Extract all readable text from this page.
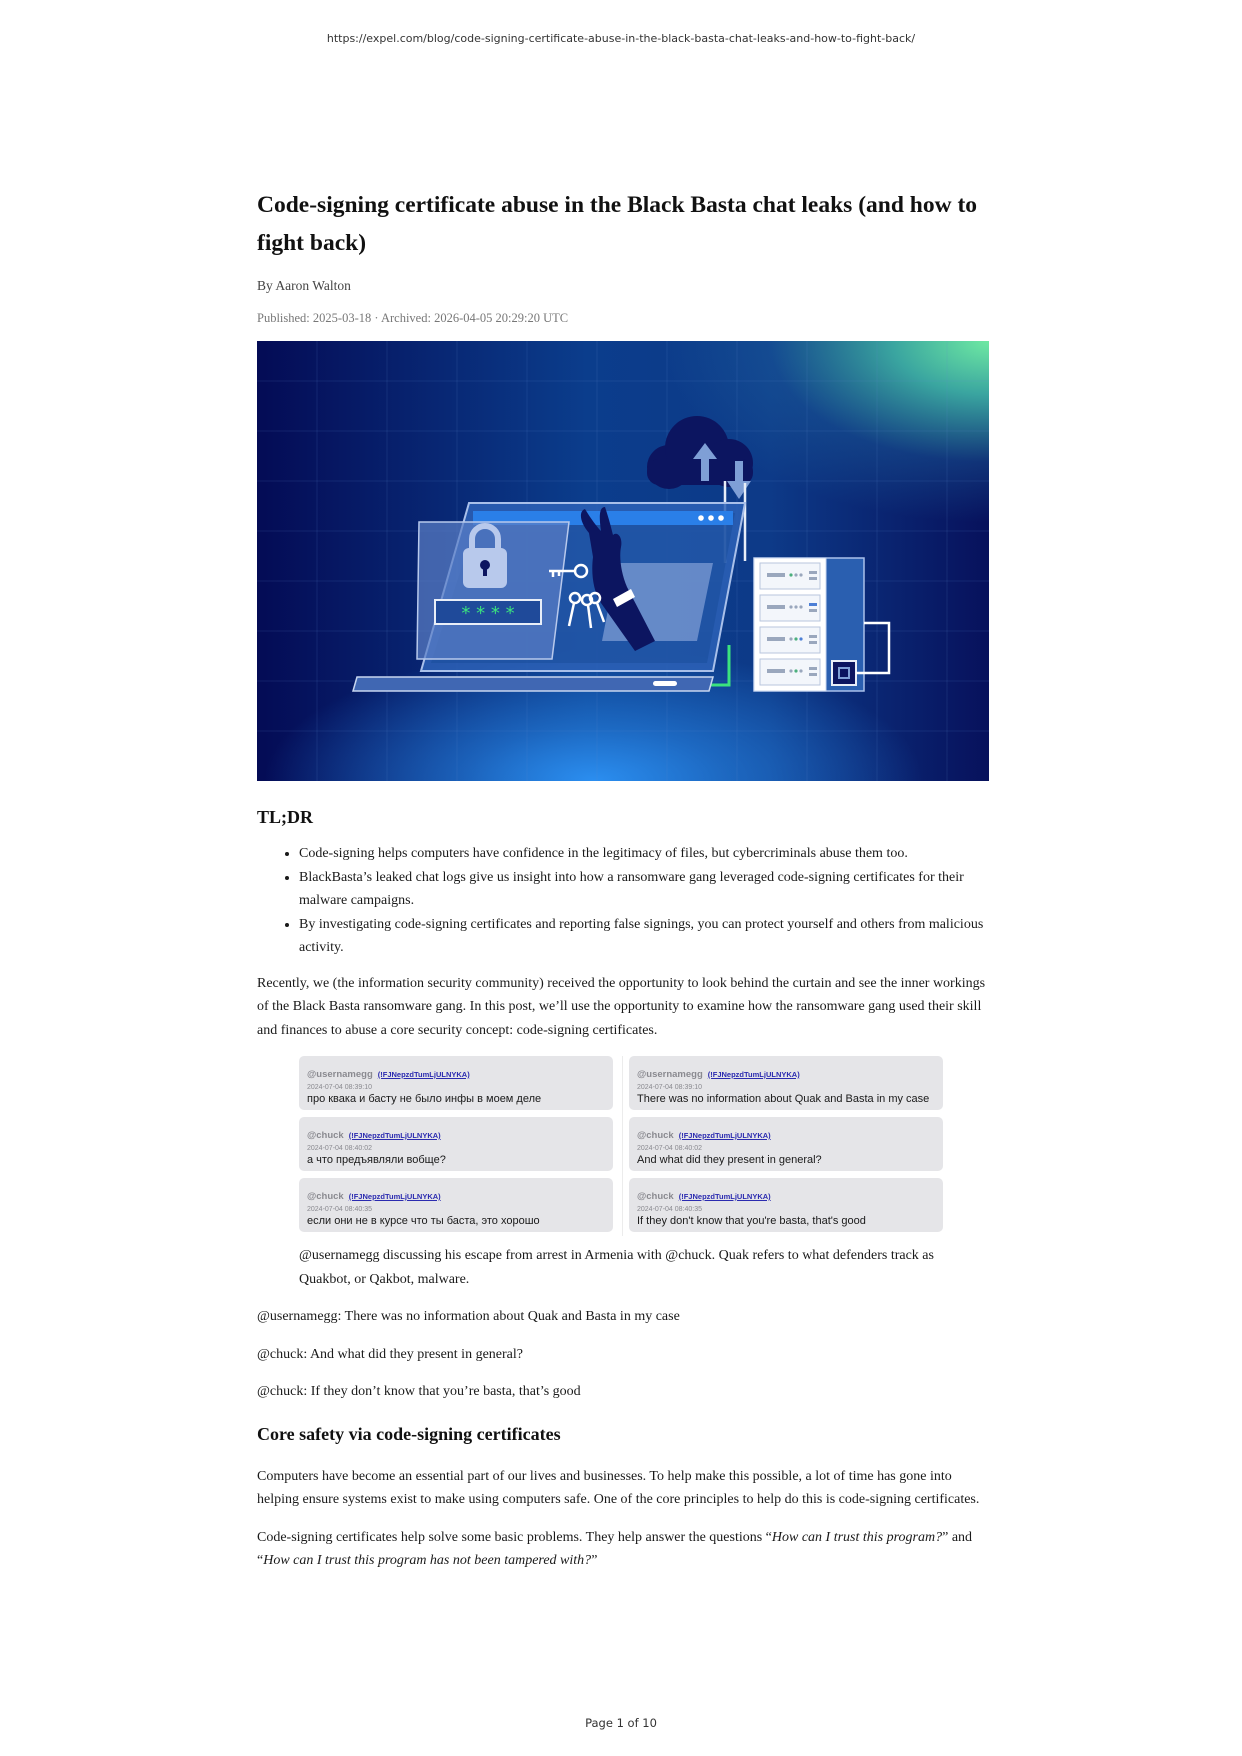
https://expel.com/blog/code-signing-certificate-abuse-in-the-black-basta-chat-leaks-and-how-to-fight-back/
Code-signing certificate abuse in the Black Basta chat leaks (and how to fight back)
By Aaron Walton
Published: 2025-03-18 · Archived: 2026-04-05 20:29:20 UTC
* * * *
TL;DR
• Code-signing helps computers have confidence in the legitimacy of files, but cybercriminals abuse them too.
• BlackBasta’s leaked chat logs give us insight into how a ransomware gang leveraged code-signing certificates for their malware campaigns.
• By investigating code-signing certificates and reporting false signings, you can protect yourself and others from malicious activity.

Recently, we (the information security community) received the opportunity to look behind the curtain and see the inner workings of the Black Basta ransomware gang. In this post, we’ll use the opportunity to examine how the ransomware gang used their skill and finances to abuse a core security concept: code-signing certificates.

@usernamegg (!FJNepzdTumLjULNYKA)
2024-07-04 08:39:10
про квака и басту не было инфы в моем деле
@chuck (!FJNepzdTumLjULNYKA)
2024-07-04 08:40:02
а что предъявляли вобще?
@chuck (!FJNepzdTumLjULNYKA)
2024-07-04 08:40:35
если они не в курсе что ты баста, это хорошо
@usernamegg (!FJNepzdTumLjULNYKA)
2024-07-04 08:39:10
There was no information about Quak and Basta in my case
@chuck (!FJNepzdTumLjULNYKA)
2024-07-04 08:40:02
And what did they present in general?
@chuck (!FJNepzdTumLjULNYKA)
2024-07-04 08:40:35
If they don't know that you're basta, that's good

@usernamegg discussing his escape from arrest in Armenia with @chuck. Quak refers to what defenders track as Quakbot, or Qakbot, malware.

@usernamegg: There was no information about Quak and Basta in my case

@chuck: And what did they present in general?

@chuck: If they don’t know that you’re basta, that’s good

Core safety via code-signing certificates

Computers have become an essential part of our lives and businesses. To help make this possible, a lot of time has gone into helping ensure systems exist to make using computers safe. One of the core principles to help do this is code-signing certificates.

Code-signing certificates help solve some basic problems. They help answer the questions “How can I trust this program?” and “How can I trust this program has not been tampered with?”

Page 1 of 10
